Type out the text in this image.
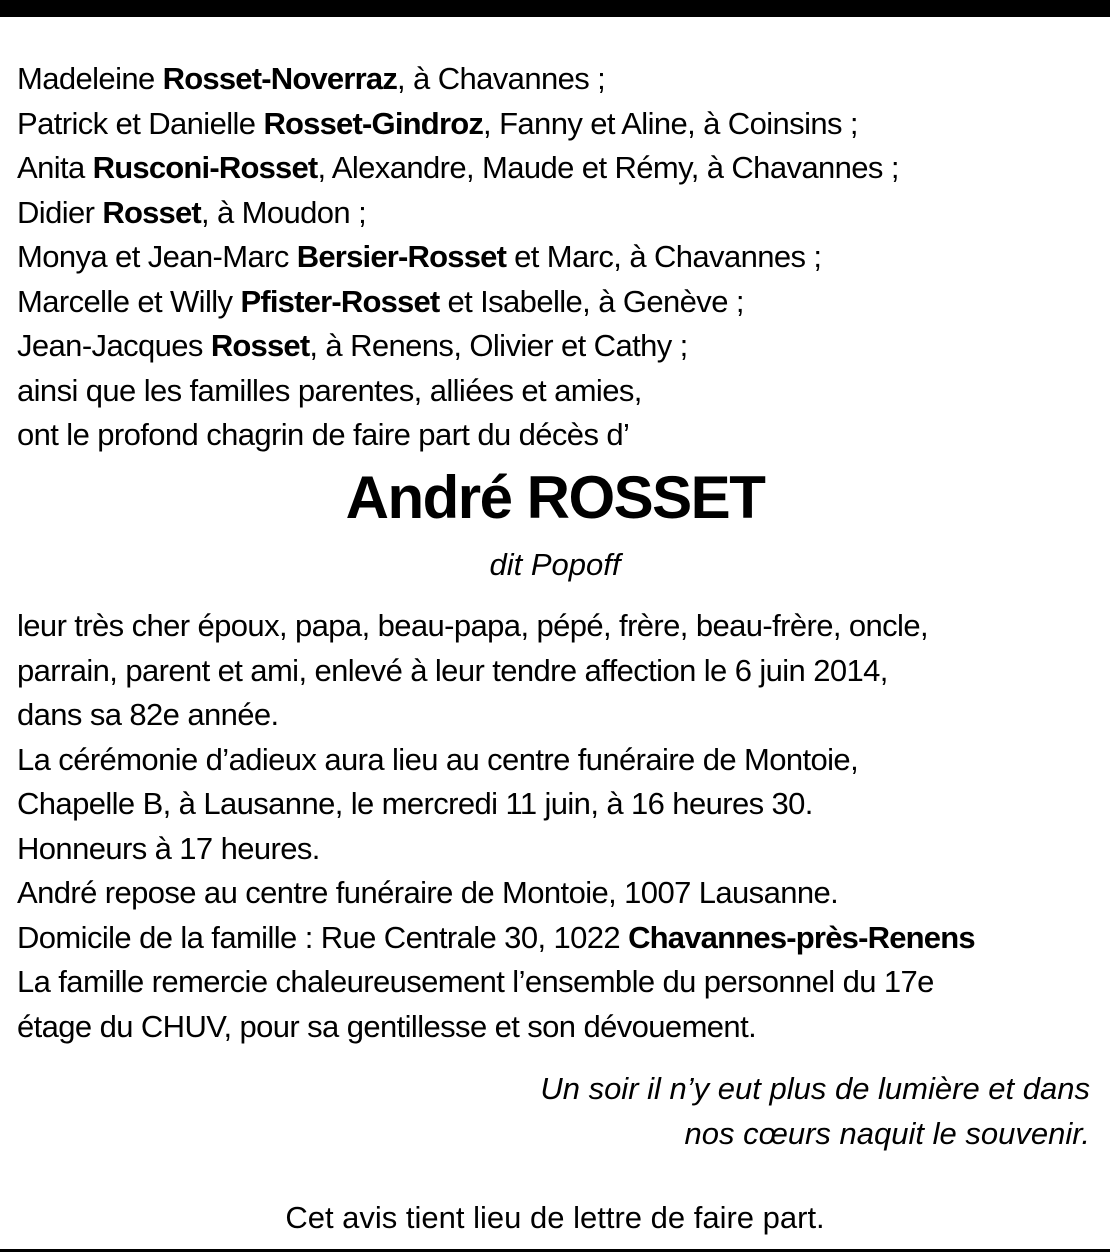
Madeleine Rosset-Noverraz, à Chavannes ;
Patrick et Danielle Rosset-Gindroz, Fanny et Aline, à Coinsins ;
Anita Rusconi-Rosset, Alexandre, Maude et Rémy, à Chavannes ;
Didier Rosset, à Moudon ;
Monya et Jean-Marc Bersier-Rosset et Marc, à Chavannes ;
Marcelle et Willy Pfister-Rosset et Isabelle, à Genève ;
Jean-Jacques Rosset, à Renens, Olivier et Cathy ;
ainsi que les familles parentes, alliées et amies,
ont le profond chagrin de faire part du décès d’
André ROSSET
dit Popoff
leur très cher époux, papa, beau-papa, pépé, frère, beau-frère, oncle,
parrain, parent et ami, enlevé à leur tendre affection le 6 juin 2014,
dans sa 82e année.
La cérémonie d’adieux aura lieu au centre funéraire de Montoie,
Chapelle B, à Lausanne, le mercredi 11 juin, à 16 heures 30.
Honneurs à 17 heures.
André repose au centre funéraire de Montoie, 1007 Lausanne.
Domicile de la famille : Rue Centrale 30, 1022 Chavannes-près-Renens
La famille remercie chaleureusement l’ensemble du personnel du 17e
étage du CHUV, pour sa gentillesse et son dévouement.
Un soir il n’y eut plus de lumière et dans
nos cœurs naquit le souvenir.
Cet avis tient lieu de lettre de faire part.
